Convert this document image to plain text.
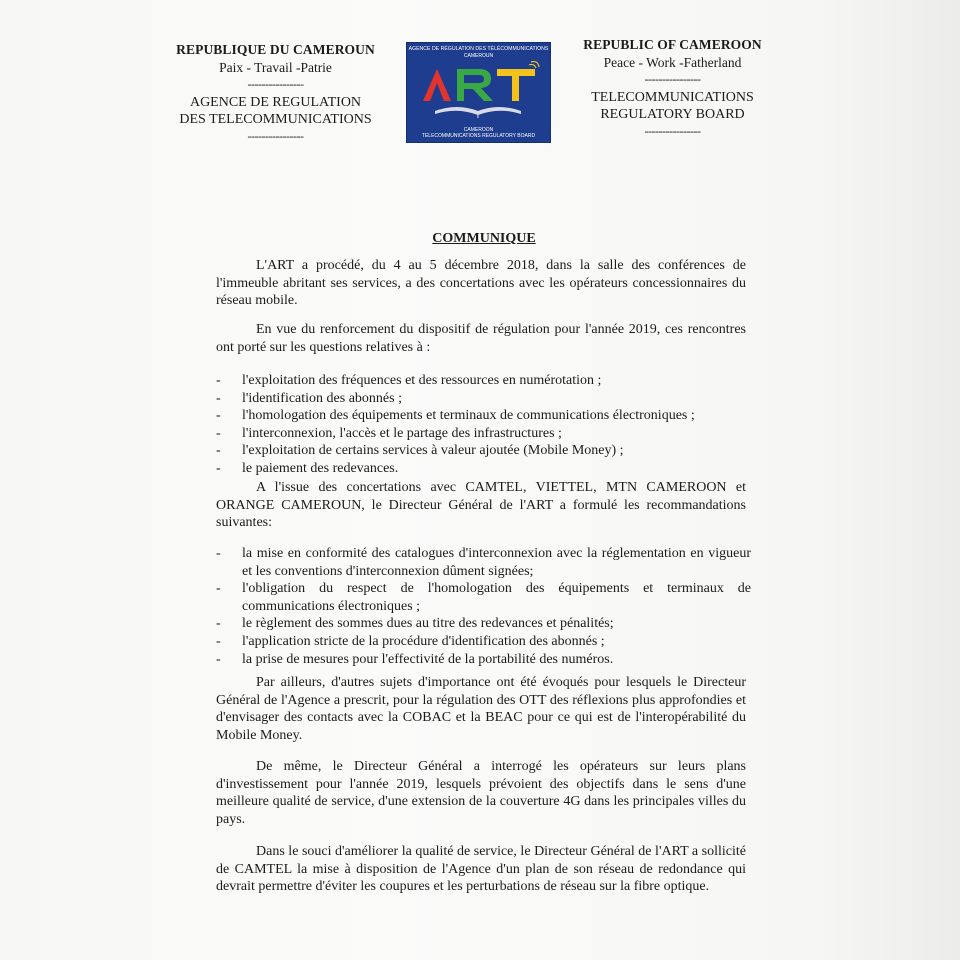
REPUBLIQUE DU CAMEROUN
Paix - Travail -Patrie
----------------
AGENCE DE REGULATION
DES TELECOMMUNICATIONS
----------------
AGENCE DE RÉGULATION DES TÉLÉCOMMUNICATIONS
CAMEROUN
CAMEROON
TELECOMMUNICATIONS REGULATORY BOARD
REPUBLIC OF CAMEROON
Peace - Work -Fatherland
----------------
TELECOMMUNICATIONS
REGULATORY BOARD
----------------
COMMUNIQUE

L'ART a procédé, du 4 au 5 décembre 2018, dans la salle des conférences de l'immeuble abritant ses services, a des concertations avec les opérateurs concessionnaires du réseau mobile.

En vue du renforcement du dispositif de régulation pour l'année 2019, ces rencontres ont porté sur les questions relatives à :

- l'exploitation des fréquences et des ressources en numérotation ;
- l'identification des abonnés ;
- l'homologation des équipements et terminaux de communications électroniques ;
- l'interconnexion, l'accès et le partage des infrastructures ;
- l'exploitation de certains services à valeur ajoutée (Mobile Money) ;
- le paiement des redevances.

A l'issue des concertations avec CAMTEL, VIETTEL, MTN CAMEROON et ORANGE CAMEROUN, le Directeur Général de l'ART a formulé les recommandations suivantes:

- la mise en conformité des catalogues d'interconnexion avec la réglementation en vigueur et les conventions d'interconnexion dûment signées;
- l'obligation du respect de l'homologation des équipements et terminaux de communications électroniques ;
- le règlement des sommes dues au titre des redevances et pénalités;
- l'application stricte de la procédure d'identification des abonnés ;
- la prise de mesures pour l'effectivité de la portabilité des numéros.

Par ailleurs, d'autres sujets d'importance ont été évoqués pour lesquels le Directeur Général de l'Agence a prescrit, pour la régulation des OTT des réflexions plus approfondies et d'envisager des contacts avec la COBAC et la BEAC pour ce qui est de l'interopérabilité du Mobile Money.

De même, le Directeur Général a interrogé les opérateurs sur leurs plans d'investissement pour l'année 2019, lesquels prévoient des objectifs dans le sens d'une meilleure qualité de service, d'une extension de la couverture 4G dans les principales villes du pays.

Dans le souci d'améliorer la qualité de service, le Directeur Général de l'ART a sollicité de CAMTEL la mise à disposition de l'Agence d'un plan de son réseau de redondance qui devrait permettre d'éviter les coupures et les perturbations de réseau sur la fibre optique.
